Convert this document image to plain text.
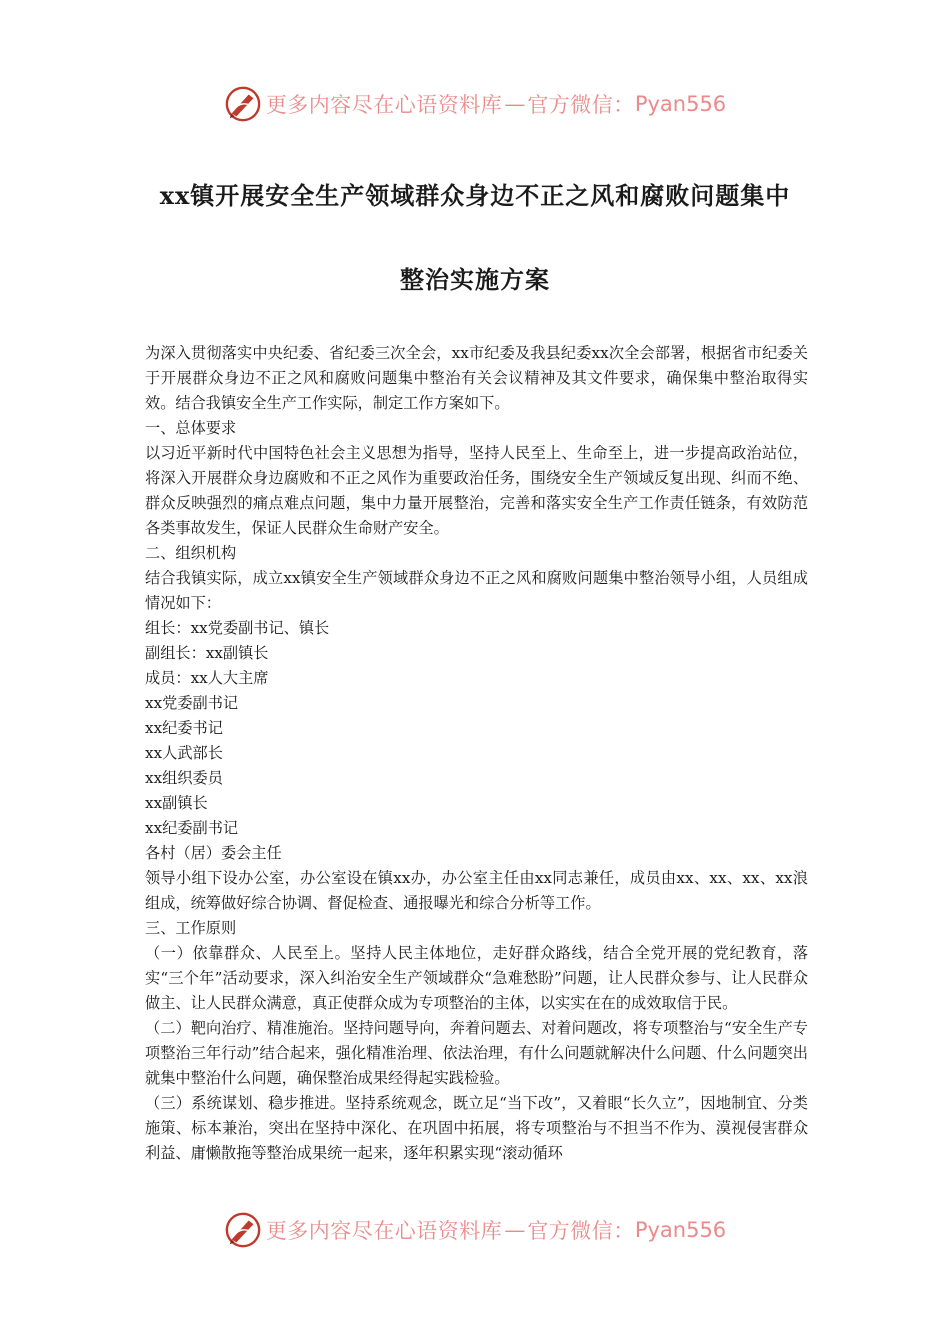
更多内容尽在心语资料库 — 官方微信： Pyan556
xx镇开展安全生产领域群众身边不正之风和腐败问题集中
整治实施方案

为深入贯彻落实中央纪委、省纪委三次全会，xx市纪委及我县纪委xx次全会部署，根据省市纪委关于开展群众身边不正之风和腐败问题集中整治有关会议精神及其文件要求，确保集中整治取得实效。结合我镇安全生产工作实际，制定工作方案如下。

一、总体要求

以习近平新时代中国特色社会主义思想为指导，坚持人民至上、生命至上，进一步提高政治站位，将深入开展群众身边腐败和不正之风作为重要政治任务，围绕安全生产领域反复出现、纠而不绝、群众反映强烈的痛点难点问题，集中力量开展整治，完善和落实安全生产工作责任链条，有效防范各类事故发生，保证人民群众生命财产安全。

二、组织机构

结合我镇实际，成立xx镇安全生产领域群众身边不正之风和腐败问题集中整治领导小组，人员组成情况如下：

组长：xx党委副书记、镇长

副组长：xx副镇长

成员：xx人大主席

xx党委副书记

xx纪委书记

xx人武部长

xx组织委员

xx副镇长

xx纪委副书记

各村（居）委会主任

领导小组下设办公室，办公室设在镇xx办，办公室主任由xx同志兼任，成员由xx、xx、xx、xx浪组成，统筹做好综合协调、督促检查、通报曝光和综合分析等工作。

三、工作原则

（一）依靠群众、人民至上。坚持人民主体地位，走好群众路线，结合全党开展的党纪教育，落实“三个年”活动要求，深入纠治安全生产领域群众“急难愁盼”问题，让人民群众参与、让人民群众做主、让人民群众满意，真正使群众成为专项整治的主体，以实实在在的成效取信于民。

（二）靶向治疗、精准施治。坚持问题导向，奔着问题去、对着问题改，将专项整治与“安全生产专项整治三年行动”结合起来，强化精准治理、依法治理，有什么问题就解决什么问题、什么问题突出就集中整治什么问题，确保整治成果经得起实践检验。

（三）系统谋划、稳步推进。坚持系统观念，既立足“当下改”，又着眼“长久立”，因地制宜、分类施策、标本兼治，突出在坚持中深化、在巩固中拓展，将专项整治与不担当不作为、漠视侵害群众利益、庸懒散拖等整治成果统一起来，逐年积累实现“滚动循环

更多内容尽在心语资料库 — 官方微信： Pyan556
